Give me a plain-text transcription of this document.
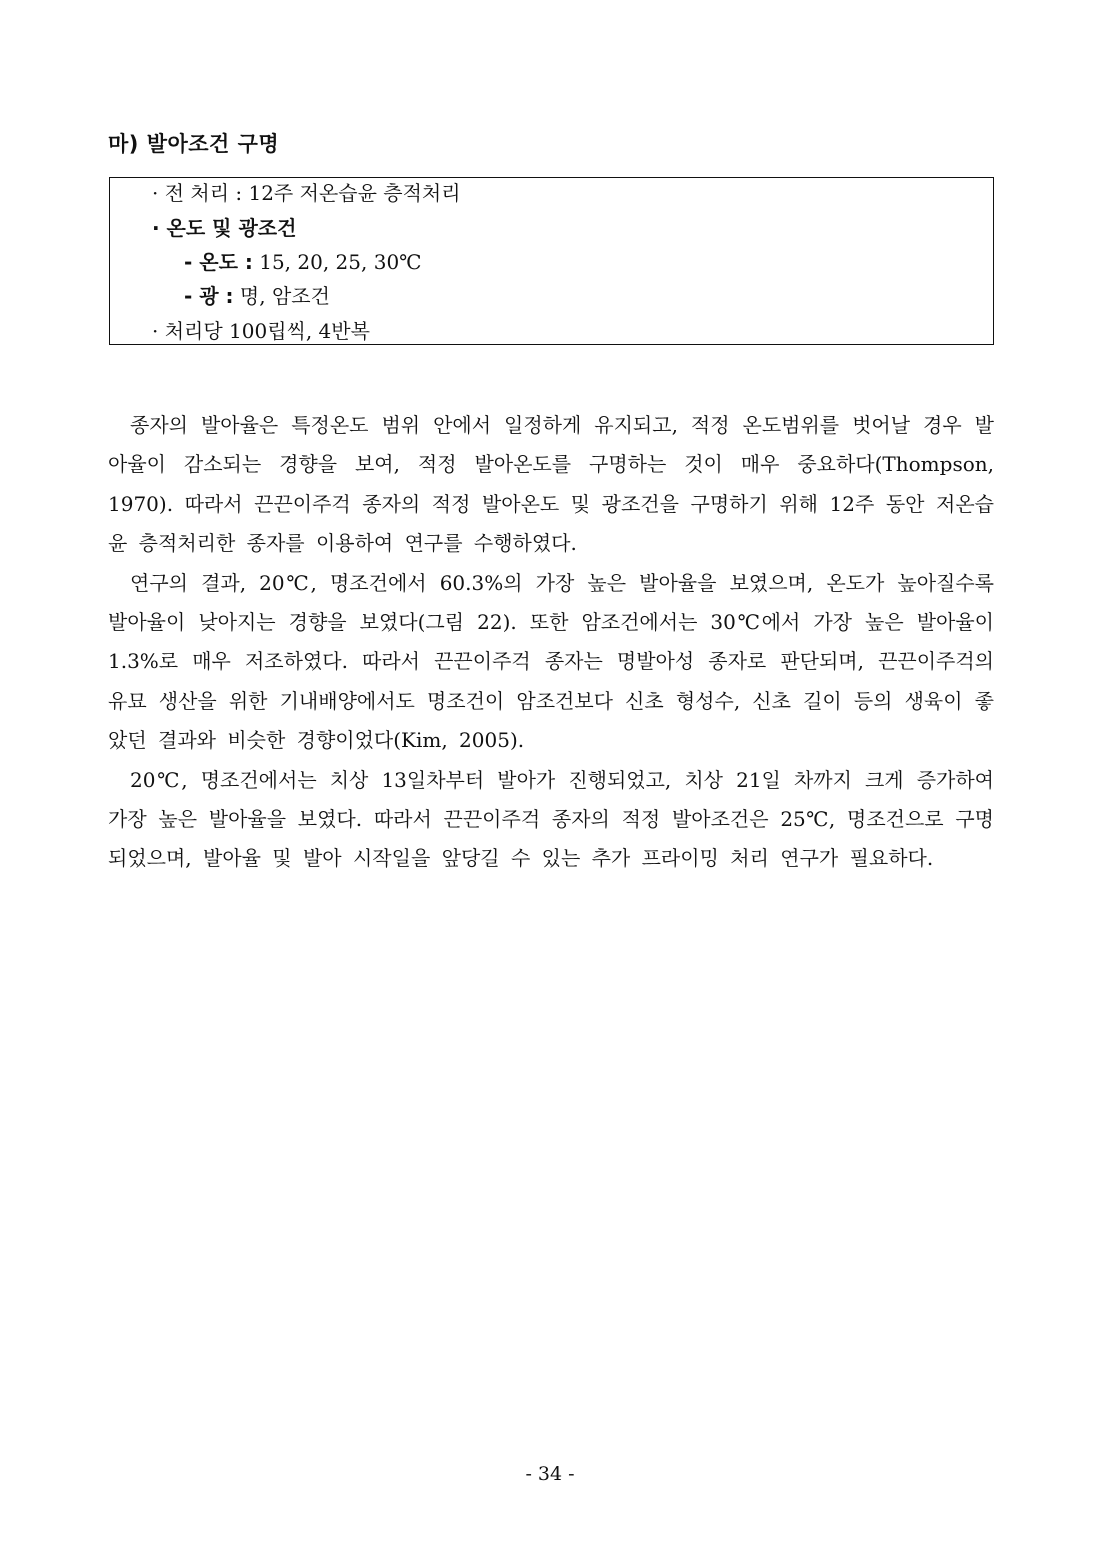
마) 발아조건 구명
· 전 처리 : 12주 저온습윤 층적처리
· 온도 및 광조건
- 온도 : 15, 20, 25, 30℃
- 광 : 명, 암조건
· 처리당 100립씩, 4반복

종자의 발아율은 특정온도 범위 안에서 일정하게 유지되고, 적정 온도범위를 벗어날 경우 발아율이 감소되는 경향을 보여, 적정 발아온도를 구명하는 것이 매우 중요하다(Thompson, 1970). 따라서 끈끈이주걱 종자의 적정 발아온도 및 광조건을 구명하기 위해 12주 동안 저온습윤 층적처리한 종자를 이용하여 연구를 수행하였다.

연구의 결과, 20℃, 명조건에서 60.3%의 가장 높은 발아율을 보였으며, 온도가 높아질수록 발아율이 낮아지는 경향을 보였다(그림 22). 또한 암조건에서는 30℃에서 가장 높은 발아율이 1.3%로 매우 저조하였다. 따라서 끈끈이주걱 종자는 명발아성 종자로 판단되며, 끈끈이주걱의 유묘 생산을 위한 기내배양에서도 명조건이 암조건보다 신초 형성수, 신초 길이 등의 생육이 좋았던 결과와 비슷한 경향이었다(Kim, 2005).

20℃, 명조건에서는 치상 13일차부터 발아가 진행되었고, 치상 21일 차까지 크게 증가하여 가장 높은 발아율을 보였다. 따라서 끈끈이주걱 종자의 적정 발아조건은 25℃, 명조건으로 구명되었으며, 발아율 및 발아 시작일을 앞당길 수 있는 추가 프라이밍 처리 연구가 필요하다.

- 34 -
